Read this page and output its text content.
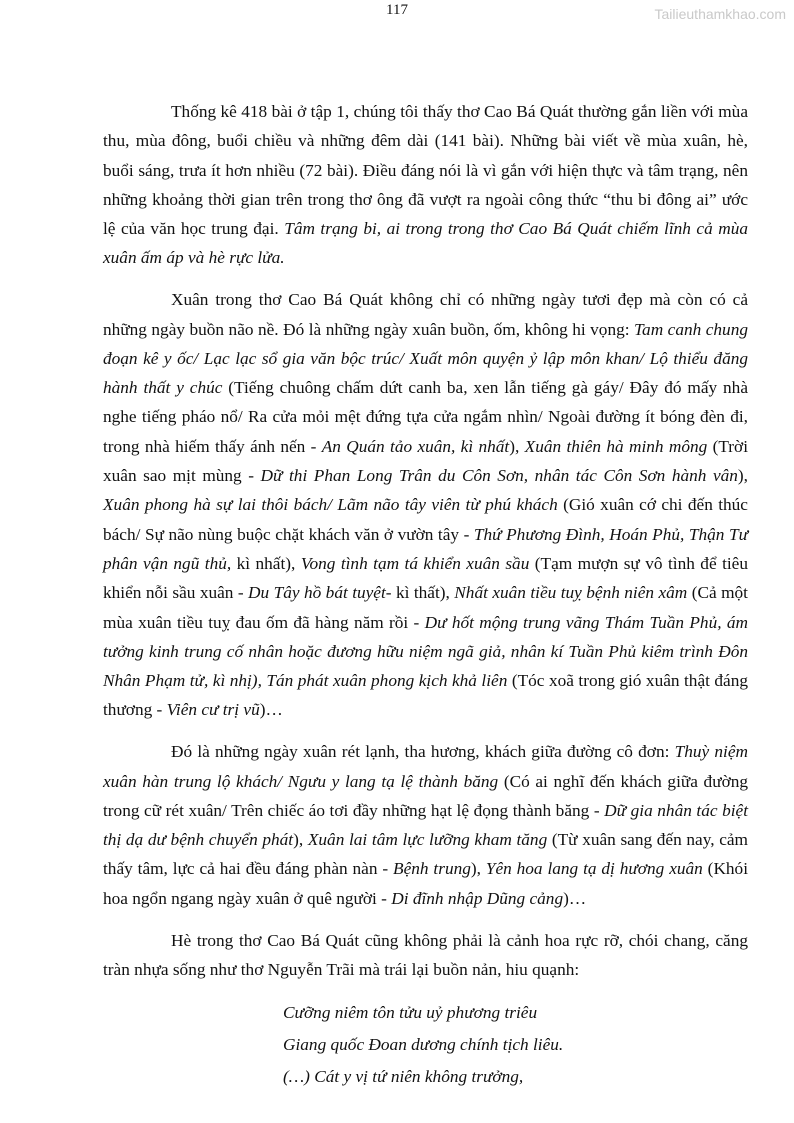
117	Tailieuthamkhao.com

Thống kê 418 bài ở tập 1, chúng tôi thấy thơ Cao Bá Quát thường gắn liền với mùa thu, mùa đông, buổi chiều và những đêm dài (141 bài). Những bài viết về mùa xuân, hè, buổi sáng, trưa ít hơn nhiều (72 bài). Điều đáng nói là vì gắn với hiện thực và tâm trạng, nên những khoảng thời gian trên trong thơ ông đã vượt ra ngoài công thức “thu bi đông ai” ước lệ của văn học trung đại. Tâm trạng bi, ai trong trong thơ Cao Bá Quát chiếm lĩnh cả mùa xuân ấm áp và hè rực lửa.

Xuân trong thơ Cao Bá Quát không chỉ có những ngày tươi đẹp mà còn có cả những ngày buồn não nề. Đó là những ngày xuân buồn, ốm, không hi vọng: Tam canh chung đoạn kê y ốc/ Lạc lạc sổ gia văn bộc trúc/ Xuất môn quyện ỷ lập môn khan/ Lộ thiểu đăng hành thất y chúc (Tiếng chuông chấm dứt canh ba, xen lẫn tiếng gà gáy/ Đây đó mấy nhà nghe tiếng pháo nổ/ Ra cửa mỏi mệt đứng tựa cửa ngắm nhìn/ Ngoài đường ít bóng đèn đi, trong nhà hiếm thấy ánh nến - An Quán tảo xuân, kì nhất), Xuân thiên hà minh mông (Trời xuân sao mịt mùng - Dữ thi Phan Long Trân du Côn Sơn, nhân tác Côn Sơn hành vân), Xuân phong hà sự lai thôi bách/ Lãm não tây viên từ phú khách (Gió xuân cớ chi đến thúc bách/ Sự não nùng buộc chặt khách văn ở vườn tây - Thứ Phương Đình, Hoán Phủ, Thận Tư phân vận ngũ thủ, kì nhất), Vong tình tạm tá khiển xuân sầu (Tạm mượn sự vô tình để tiêu khiển nỗi sầu xuân - Du Tây hồ bát tuyệt- kì thất), Nhất xuân tiều tuỵ bệnh niên xâm (Cả một mùa xuân tiều tuỵ đau ốm đã hàng năm rồi - Dư hốt mộng trung vãng Thám Tuần Phủ, ám tưởng kinh trung cố nhân hoặc đương hữu niệm ngã giả, nhân kí Tuần Phủ kiêm trình Đôn Nhân Phạm tử, kì nhị), Tán phát xuân phong kịch khả liên (Tóc xoã trong gió xuân thật đáng thương - Viên cư trị vũ)…

Đó là những ngày xuân rét lạnh, tha hương, khách giữa đường cô đơn: Thuỳ niệm xuân hàn trung lộ khách/ Ngưu y lang tạ lệ thành băng (Có ai nghĩ đến khách giữa đường trong cữ rét xuân/ Trên chiếc áo tơi đầy những hạt lệ đọng thành băng - Dữ gia nhân tác biệt thị dạ dư bệnh chuyển phát), Xuân lai tâm lực lưỡng kham tăng (Từ xuân sang đến nay, cảm thấy tâm, lực cả hai đều đáng phàn nàn - Bệnh trung), Yên hoa lang tạ dị hương xuân (Khói hoa ngổn ngang ngày xuân ở quê người - Di đĩnh nhập Dũng cảng)…

Hè trong thơ Cao Bá Quát cũng không phải là cảnh hoa rực rỡ, chói chang, căng tràn nhựa sống như thơ Nguyễn Trãi mà trái lại buồn nản, hiu quạnh:

Cưỡng niêm tôn tửu uỷ phương triêu
Giang quốc Đoan dương chính tịch liêu.
(…) Cát y vị tứ niên không trưởng,
